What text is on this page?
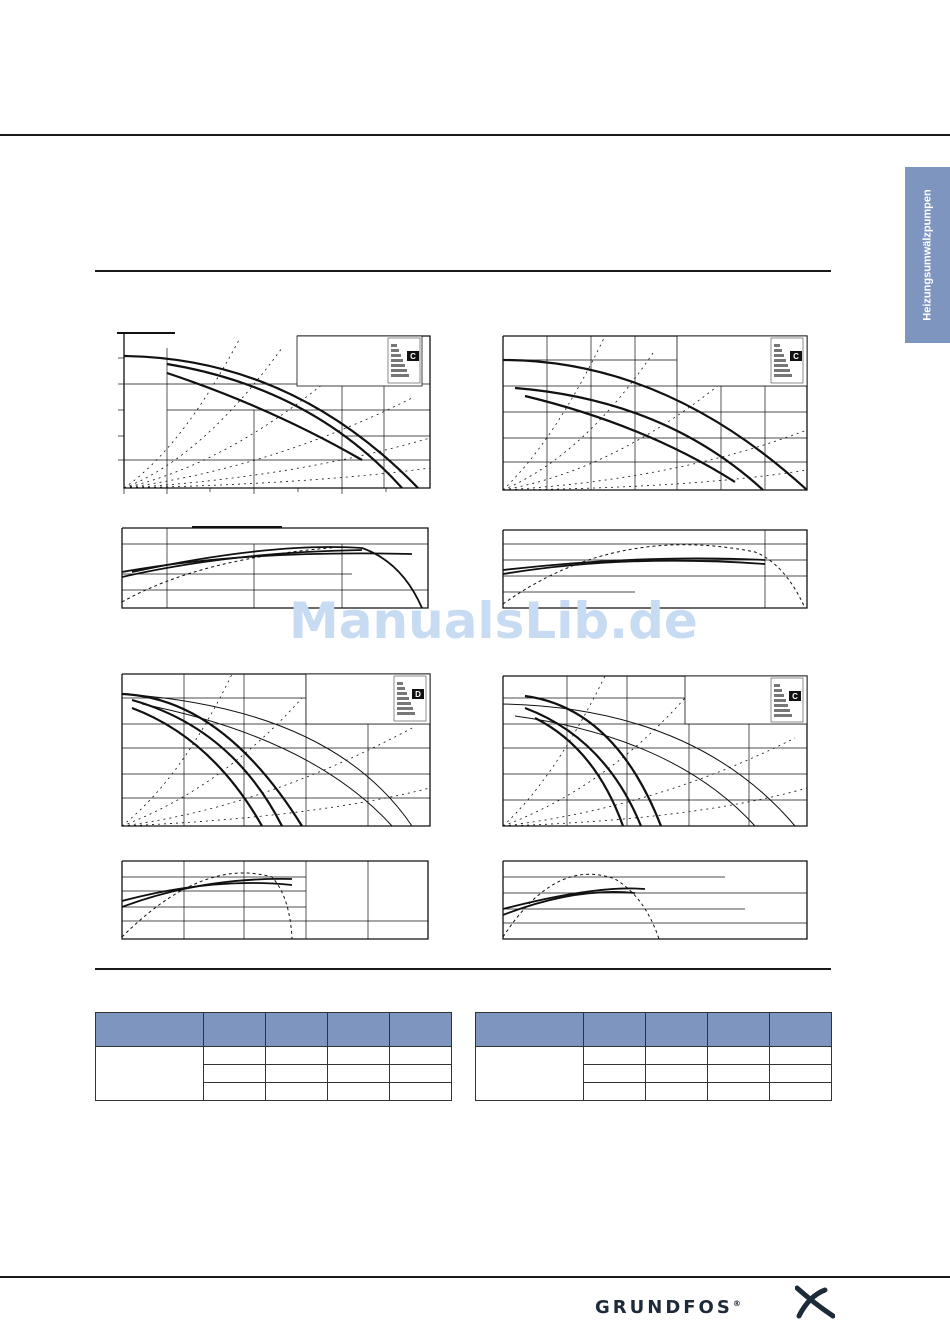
Heizungsumwälzpumpen
C	C
D	C
ManualsLib.de

GRUNDFOS®
